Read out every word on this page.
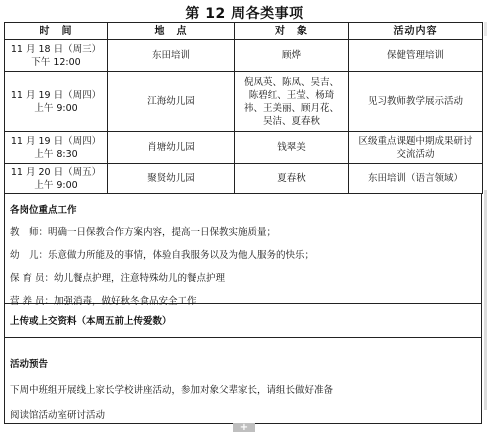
第 12 周各类事项
时　间	地　点	对　象	活动内容

11 月 18 日（周三）
下午 12:00	东田培训	顾烨	保健管理培训

11 月 19 日（周四）
上午 9:00	江海幼儿园	倪凤英、陈凤、吴吉、陈碧红、王莹、杨琦祎、王美丽、顾月花、吴洁、夏春秋	见习教师教学展示活动

11 月 19 日（周四）
上午 8:30	肖塘幼儿园	钱翠美	区级重点课题中期成果研讨交流活动

11 月 20 日（周五）
上午 9:00	聚贤幼儿园	夏春秋	东田培训（语言领域）
各岗位重点工作
教　师：明确一日保教合作方案内容，提高一日保教实施质量；
幼　儿：乐意做力所能及的事情，体验自我服务以及为他人服务的快乐；
保 育 员：幼儿餐点护理，注意特殊幼儿的餐点护理
营 养 员：加强消毒，做好秋冬食品安全工作
上传或上交资料（本周五前上传爱数）
活动预告
下周中班组开展线上家长学校讲座活动，参加对象父辈家长，请组长做好准备
阅读馆活动室研讨活动
+
